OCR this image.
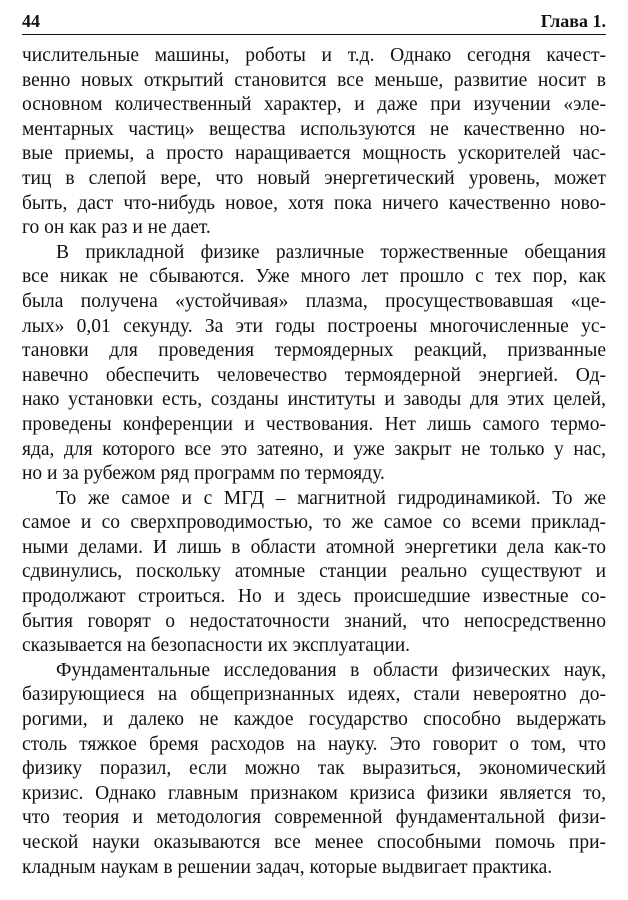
44	Глава 1.
числительные машины, роботы и т.д. Однако сегодня качест-
венно новых открытий становится все меньше, развитие носит в
основном количественный характер, и даже при изучении «эле-
ментарных частиц» вещества используются не качественно но-
вые приемы, а просто наращивается мощность ускорителей час-
тиц в слепой вере, что новый энергетический уровень, может
быть, даст что-нибудь новое, хотя пока ничего качественно ново-
го он как раз и не дает.
В прикладной физике различные торжественные обещания
все никак не сбываются. Уже много лет прошло с тех пор, как
была получена «устойчивая» плазма, просуществовавшая «це-
лых» 0,01 секунду. За эти годы построены многочисленные ус-
тановки для проведения термоядерных реакций, призванные
навечно обеспечить человечество термоядерной энергией. Од-
нако установки есть, созданы институты и заводы для этих целей,
проведены конференции и чествования. Нет лишь самого термо-
яда, для которого все это затеяно, и уже закрыт не только у нас,
но и за рубежом ряд программ по термояду.
То же самое и с МГД – магнитной гидродинамикой. То же
самое и со сверхпроводимостью, то же самое со всеми приклад-
ными делами. И лишь в области атомной энергетики дела как-то
сдвинулись, поскольку атомные станции реально существуют и
продолжают строиться. Но и здесь происшедшие известные со-
бытия говорят о недостаточности знаний, что непосредственно
сказывается на безопасности их эксплуатации.
Фундаментальные исследования в области физических наук,
базирующиеся на общепризнанных идеях, стали невероятно до-
рогими, и далеко не каждое государство способно выдержать
столь тяжкое бремя расходов на науку. Это говорит о том, что
физику поразил, если можно так выразиться, экономический
кризис. Однако главным признаком кризиса физики является то,
что теория и методология современной фундаментальной физи-
ческой науки оказываются все менее способными помочь при-
кладным наукам в решении задач, которые выдвигает практика.
